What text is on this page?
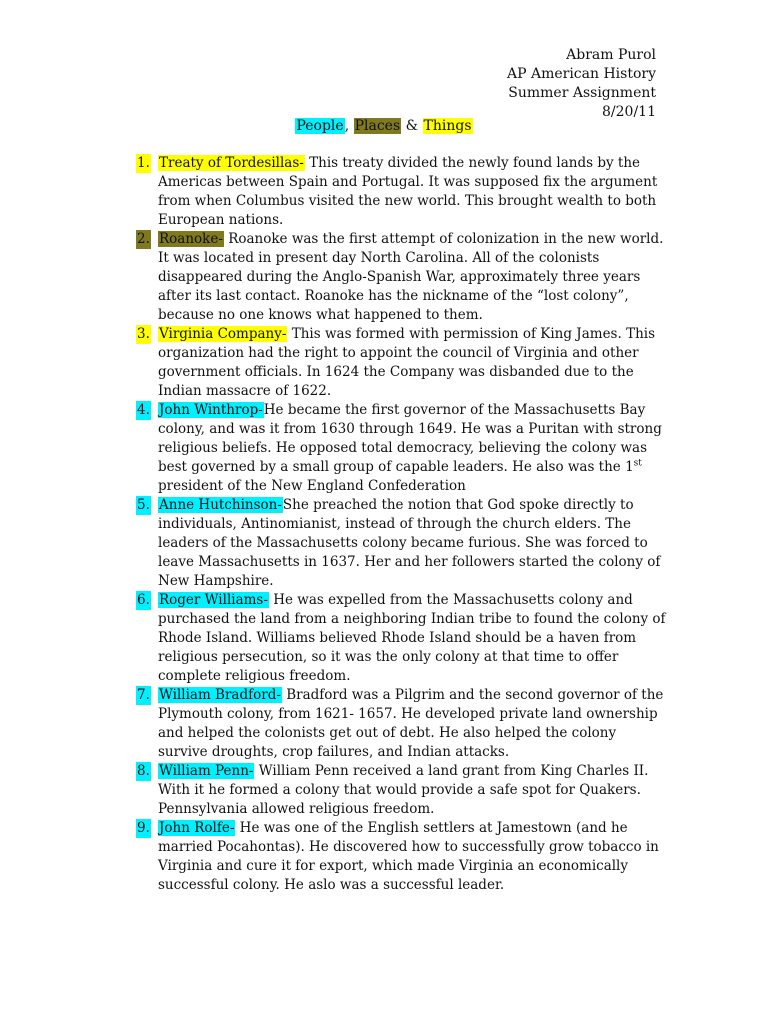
Abram Purol
AP American History
Summer Assignment
8/20/11
People, Places & Things
1. Treaty of Tordesillas- This treaty divided the newly found lands by the Americas between Spain and Portugal. It was supposed fix the argument from when Columbus visited the new world. This brought wealth to both European nations.
2. Roanoke- Roanoke was the first attempt of colonization in the new world. It was located in present day North Carolina. All of the colonists disappeared during the Anglo-Spanish War, approximately three years after its last contact. Roanoke has the nickname of the “lost colony”, because no one knows what happened to them.
3. Virginia Company- This was formed with permission of King James. This organization had the right to appoint the council of Virginia and other government officials. In 1624 the Company was disbanded due to the Indian massacre of 1622.
4. John Winthrop-He became the first governor of the Massachusetts Bay colony, and was it from 1630 through 1649. He was a Puritan with strong religious beliefs. He opposed total democracy, believing the colony was best governed by a small group of capable leaders. He also was the 1st president of the New England Confederation
5. Anne Hutchinson-She preached the notion that God spoke directly to individuals, Antinomianist, instead of through the church elders. The leaders of the Massachusetts colony became furious. She was forced to leave Massachusetts in 1637. Her and her followers started the colony of New Hampshire.
6. Roger Williams- He was expelled from the Massachusetts colony and purchased the land from a neighboring Indian tribe to found the colony of Rhode Island. Williams believed Rhode Island should be a haven from religious persecution, so it was the only colony at that time to offer complete religious freedom.
7. William Bradford- Bradford was a Pilgrim and the second governor of the Plymouth colony, from 1621- 1657. He developed private land ownership and helped the colonists get out of debt. He also helped the colony survive droughts, crop failures, and Indian attacks.
8. William Penn- William Penn received a land grant from King Charles II. With it he formed a colony that would provide a safe spot for Quakers. Pennsylvania allowed religious freedom.
9. John Rolfe- He was one of the English settlers at Jamestown (and he married Pocahontas). He discovered how to successfully grow tobacco in Virginia and cure it for export, which made Virginia an economically successful colony. He aslo was a successful leader.
